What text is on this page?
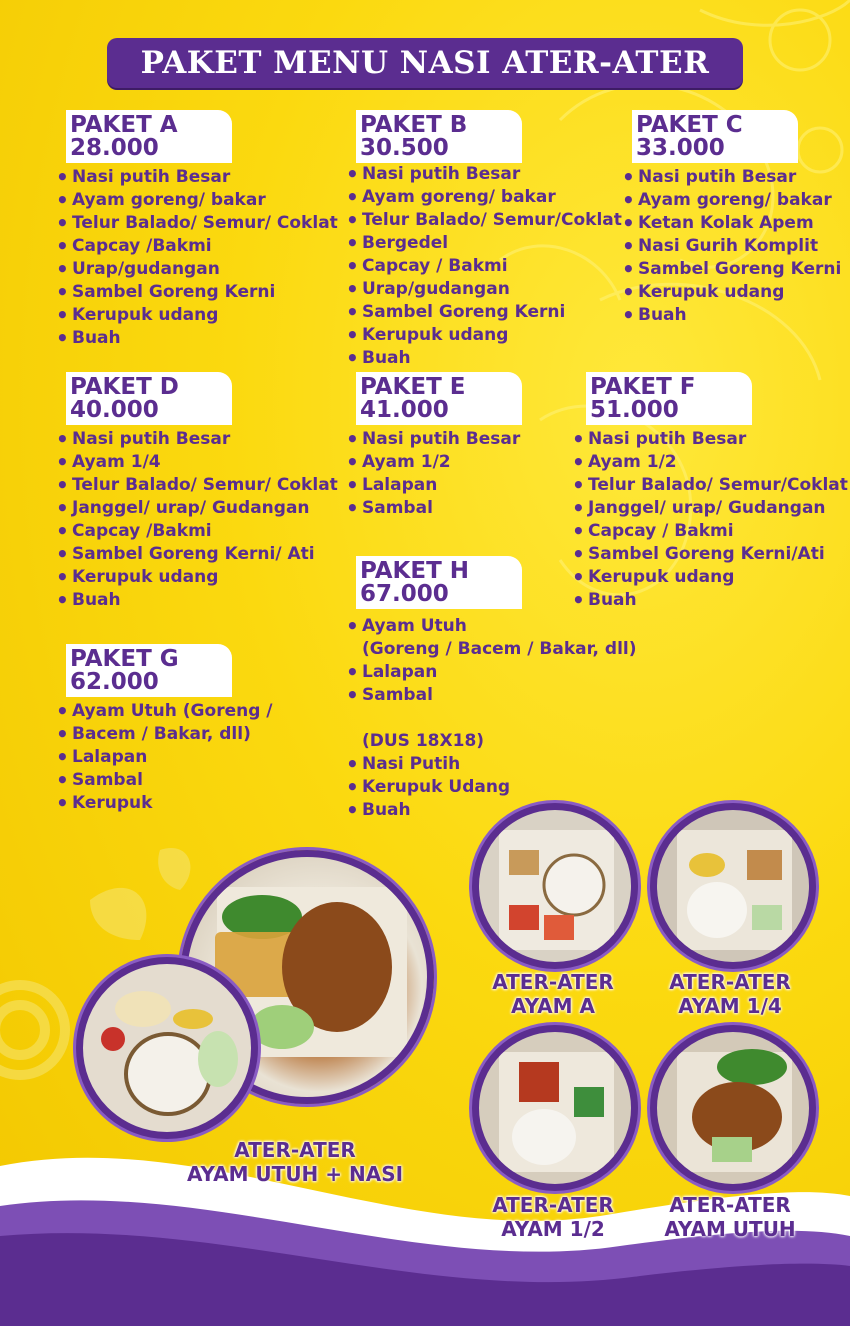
PAKET MENU NASI ATER-ATER
PAKET A
28.000
• Nasi putih Besar
• Ayam goreng/ bakar
• Telur Balado/ Semur/ Coklat
• Capcay /Bakmi
• Urap/gudangan
• Sambel Goreng Kerni
• Kerupuk udang
• Buah
PAKET B
30.500
• Nasi putih Besar
• Ayam goreng/ bakar
• Telur Balado/ Semur/Coklat
• Bergedel
• Capcay / Bakmi
• Urap/gudangan
• Sambel Goreng Kerni
• Kerupuk udang
• Buah
PAKET C
33.000
• Nasi putih Besar
• Ayam goreng/ bakar
• Ketan Kolak Apem
• Nasi Gurih Komplit
• Sambel Goreng Kerni
• Kerupuk udang
• Buah
PAKET D
40.000
• Nasi putih Besar
• Ayam 1/4
• Telur Balado/ Semur/ Coklat
• Janggel/ urap/ Gudangan
• Capcay /Bakmi
• Sambel Goreng Kerni/ Ati
• Kerupuk udang
• Buah
PAKET E
41.000
• Nasi putih Besar
• Ayam 1/2
• Lalapan
• Sambal
PAKET F
51.000
• Nasi putih Besar
• Ayam 1/2
• Telur Balado/ Semur/Coklat
• Janggel/ urap/ Gudangan
• Capcay / Bakmi
• Sambel Goreng Kerni/Ati
• Kerupuk udang
• Buah
PAKET H
67.000
• Ayam Utuh
(Goreng / Bacem / Bakar, dll)
• Lalapan
• Sambal

(DUS 18X18)
• Nasi Putih
• Kerupuk Udang
• Buah
PAKET G
62.000
• Ayam Utuh (Goreng /
• Bacem / Bakar, dll)
• Lalapan
• Sambal
• Kerupuk
ATER-ATER
AYAM UTUH + NASI
ATER-ATER
AYAM A
ATER-ATER
AYAM 1/4
ATER-ATER
AYAM 1/2
ATER-ATER
AYAM UTUH
